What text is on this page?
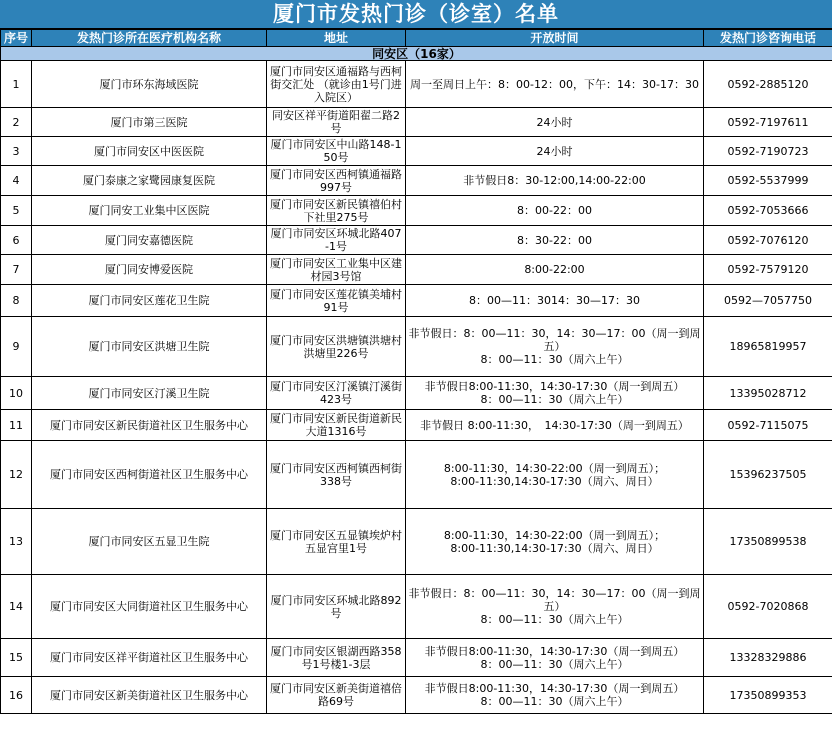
厦门市发热门诊（诊室）名单
序号	发热门诊所在医疗机构名称	地址	开放时间	发热门诊咨询电话
同安区（16家）				
1	厦门市环东海域医院	厦门市同安区通福路与西柯街交汇处 （就诊由1号门进入院区）	周一至周日上午：8：00-12：00，下午：14：30-17：30	0592-2885120
2	厦门市第三医院	同安区祥平街道阳翟二路2号	24小时	0592-7197611
3	厦门市同安区中医医院	厦门市同安区中山路148-150号	24小时	0592-7190723
4	厦门泰康之家鹭园康复医院	厦门市同安区西柯镇通福路997号	非节假日8：30-12:00,14:00-22:00	0592-5537999
5	厦门同安工业集中区医院	厦门市同安区新民镇禧伯村下社里275号	8：00-22：00	0592-7053666
6	厦门同安嘉德医院	厦门市同安区环城北路407-1号	8：30-22：00	0592-7076120
7	厦门同安博爱医院	厦门市同安区工业集中区建材园3号馆	8:00-22:00	0592-7579120
8	厦门市同安区莲花卫生院	厦门市同安区莲花镇美埔村91号	8：00—11：3014：30—17：30	0592—7057750
9	厦门市同安区洪塘卫生院	厦门市同安区洪塘镇洪塘村洪塘里226号	非节假日：8：00—11：30，14：30—17：00（周一到周五）
8：00—11：30（周六上午）	18965819957
10	厦门市同安区汀溪卫生院	厦门市同安区汀溪镇汀溪街423号	非节假日8:00-11:30，14:30-17:30（周一到周五）
8：00—11：30（周六上午）	13395028712
11	厦门市同安区新民街道社区卫生服务中心	厦门市同安区新民街道新民大道1316号	非节假日 8:00-11:30，　14:30-17:30（周一到周五）	0592-7115075
12	厦门市同安区西柯街道社区卫生服务中心	厦门市同安区西柯镇西柯街338号	8:00-11:30，14:30-22:00（周一到周五）；
8:00-11:30,14:30-17:30（周六、周日）	15396237505
13	厦门市同安区五显卫生院	厦门市同安区五显镇埃炉村五显宫里1号	8:00-11:30，14:30-22:00（周一到周五）；
8:00-11:30,14:30-17:30（周六、周日）	17350899538
14	厦门市同安区大同街道社区卫生服务中心	厦门市同安区环城北路892号	非节假日：8：00—11：30，14：30—17：00（周一到周五）
8：00—11：30（周六上午）	0592-7020868
15	厦门市同安区祥平街道社区卫生服务中心	厦门市同安区银湖西路358号1号楼1-3层	非节假日8:00-11:30，14:30-17:30（周一到周五）
8：00—11：30（周六上午）	13328329886
16	厦门市同安区新美街道社区卫生服务中心	厦门市同安区新美街道禧倍路69号	非节假日8:00-11:30，14:30-17:30（周一到周五）
8：00—11：30（周六上午）	17350899353
